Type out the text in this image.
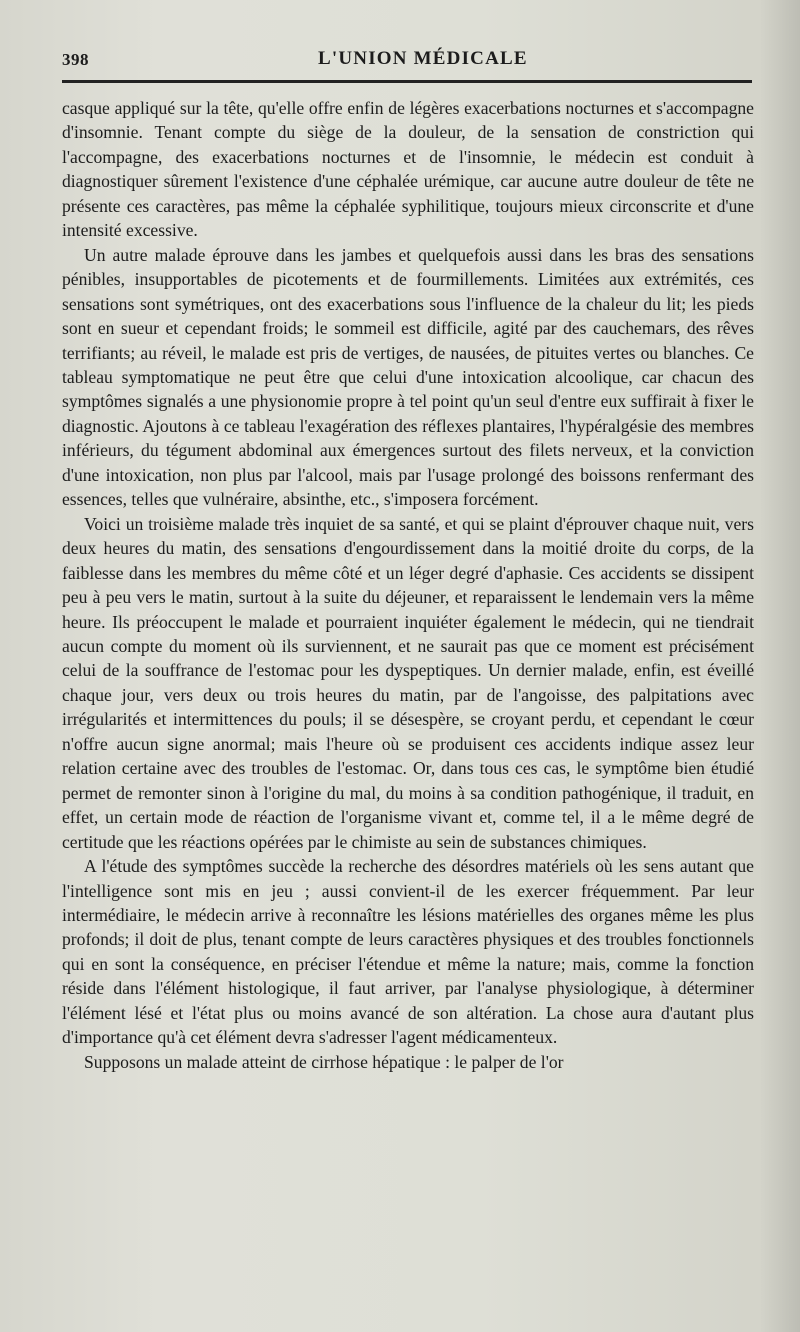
398	L'UNION MÉDICALE

casque appliqué sur la tête, qu'elle offre enfin de légères exacerbations nocturnes et s'accompagne d'insomnie. Tenant compte du siège de la douleur, de la sensation de constriction qui l'accompagne, des exacerbations nocturnes et de l'insomnie, le médecin est conduit à diagnostiquer sûrement l'existence d'une céphalée urémique, car aucune autre douleur de tête ne présente ces caractères, pas même la céphalée syphilitique, toujours mieux circonscrite et d'une intensité excessive.

Un autre malade éprouve dans les jambes et quelquefois aussi dans les bras des sensations pénibles, insupportables de picotements et de fourmillements. Limitées aux extrémités, ces sensations sont symétriques, ont des exacerbations sous l'influence de la chaleur du lit; les pieds sont en sueur et cependant froids; le sommeil est difficile, agité par des cauchemars, des rêves terrifiants; au réveil, le malade est pris de vertiges, de nausées, de pituites vertes ou blanches. Ce tableau symptomatique ne peut être que celui d'une intoxication alcoolique, car chacun des symptômes signalés a une physionomie propre à tel point qu'un seul d'entre eux suffirait à fixer le diagnostic. Ajoutons à ce tableau l'exagération des réflexes plantaires, l'hypéralgésie des membres inférieurs, du tégument abdominal aux émergences surtout des filets nerveux, et la conviction d'une intoxication, non plus par l'alcool, mais par l'usage prolongé des boissons renfermant des essences, telles que vulnéraire, absinthe, etc., s'imposera forcément.

Voici un troisième malade très inquiet de sa santé, et qui se plaint d'éprouver chaque nuit, vers deux heures du matin, des sensations d'engourdissement dans la moitié droite du corps, de la faiblesse dans les membres du même côté et un léger degré d'aphasie. Ces accidents se dissipent peu à peu vers le matin, surtout à la suite du déjeuner, et reparaissent le lendemain vers la même heure. Ils préoccupent le malade et pourraient inquiéter également le médecin, qui ne tiendrait aucun compte du moment où ils surviennent, et ne saurait pas que ce moment est précisément celui de la souffrance de l'estomac pour les dyspeptiques. Un dernier malade, enfin, est éveillé chaque jour, vers deux ou trois heures du matin, par de l'angoisse, des palpitations avec irrégularités et intermittences du pouls; il se désespère, se croyant perdu, et cependant le cœur n'offre aucun signe anormal; mais l'heure où se produisent ces accidents indique assez leur relation certaine avec des troubles de l'estomac. Or, dans tous ces cas, le symptôme bien étudié permet de remonter sinon à l'origine du mal, du moins à sa condition pathogénique, il traduit, en effet, un certain mode de réaction de l'organisme vivant et, comme tel, il a le même degré de certitude que les réactions opérées par le chimiste au sein de substances chimiques.

A l'étude des symptômes succède la recherche des désordres matériels où les sens autant que l'intelligence sont mis en jeu ; aussi convient-il de les exercer fréquemment. Par leur intermédiaire, le médecin arrive à reconnaître les lésions matérielles des organes même les plus profonds; il doit de plus, tenant compte de leurs caractères physiques et des troubles fonctionnels qui en sont la conséquence, en préciser l'étendue et même la nature; mais, comme la fonction réside dans l'élément histologique, il faut arriver, par l'analyse physiologique, à déterminer l'élément lésé et l'état plus ou moins avancé de son altération. La chose aura d'autant plus d'importance qu'à cet élément devra s'adresser l'agent médicamenteux.

Supposons un malade atteint de cirrhose hépatique : le palper de l'or
